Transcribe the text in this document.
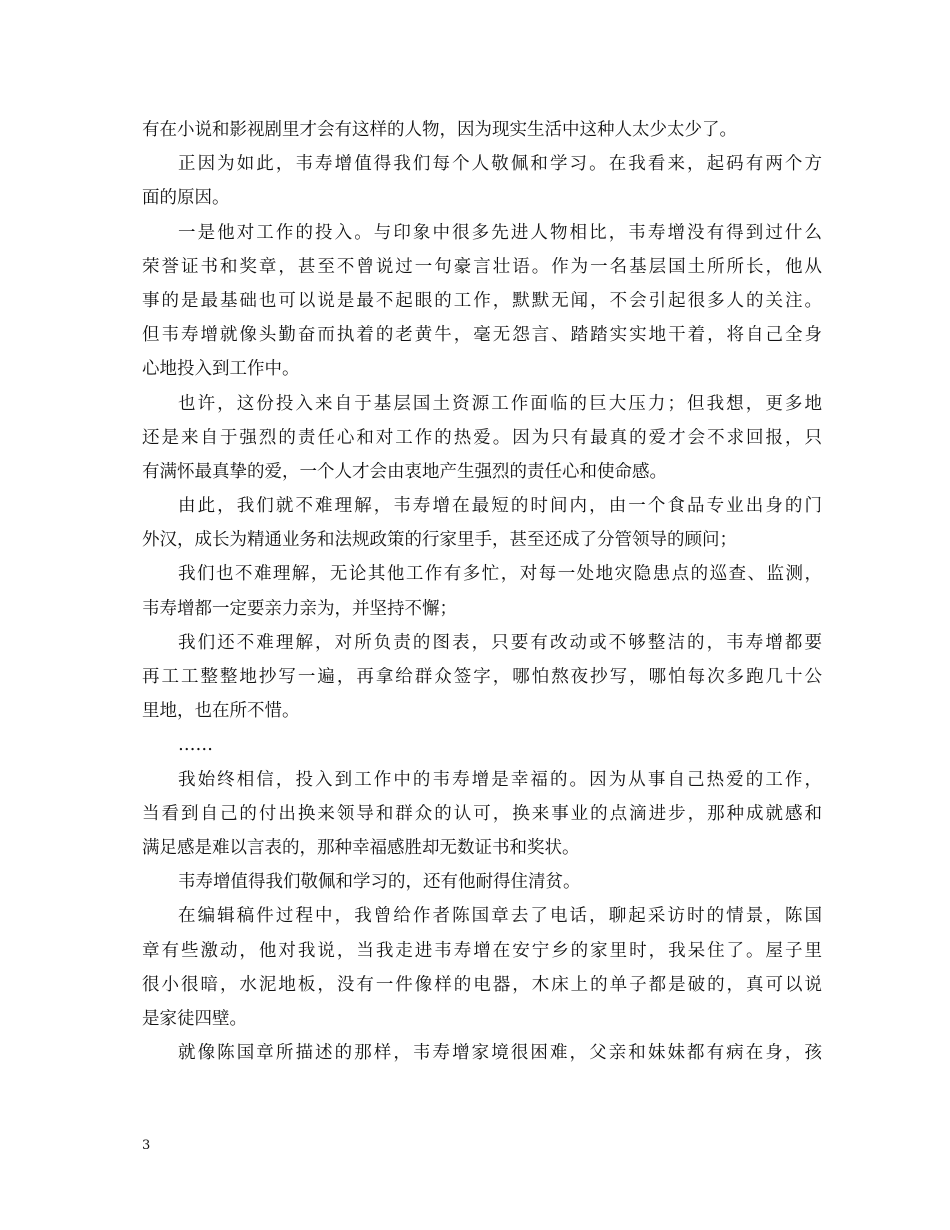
有在小说和影视剧里才会有这样的人物，因为现实生活中这种人太少太少了。
正因为如此，韦寿增值得我们每个人敬佩和学习。在我看来，起码有两个方
面的原因。
一是他对工作的投入。与印象中很多先进人物相比，韦寿增没有得到过什么
荣誉证书和奖章，甚至不曾说过一句豪言壮语。作为一名基层国土所所长，他从
事的是最基础也可以说是最不起眼的工作，默默无闻，不会引起很多人的关注。
但韦寿增就像头勤奋而执着的老黄牛，毫无怨言、踏踏实实地干着，将自己全身
心地投入到工作中。
也许，这份投入来自于基层国土资源工作面临的巨大压力；但我想，更多地
还是来自于强烈的责任心和对工作的热爱。因为只有最真的爱才会不求回报，只
有满怀最真挚的爱，一个人才会由衷地产生强烈的责任心和使命感。
由此，我们就不难理解，韦寿增在最短的时间内，由一个食品专业出身的门
外汉，成长为精通业务和法规政策的行家里手，甚至还成了分管领导的顾问；
我们也不难理解，无论其他工作有多忙，对每一处地灾隐患点的巡查、监测，
韦寿增都一定要亲力亲为，并坚持不懈；
我们还不难理解，对所负责的图表，只要有改动或不够整洁的，韦寿增都要
再工工整整地抄写一遍，再拿给群众签字，哪怕熬夜抄写，哪怕每次多跑几十公
里地，也在所不惜。
……
我始终相信，投入到工作中的韦寿增是幸福的。因为从事自己热爱的工作，
当看到自己的付出换来领导和群众的认可，换来事业的点滴进步，那种成就感和
满足感是难以言表的，那种幸福感胜却无数证书和奖状。
韦寿增值得我们敬佩和学习的，还有他耐得住清贫。
在编辑稿件过程中，我曾给作者陈国章去了电话，聊起采访时的情景，陈国
章有些激动，他对我说，当我走进韦寿增在安宁乡的家里时，我呆住了。屋子里
很小很暗，水泥地板，没有一件像样的电器，木床上的单子都是破的，真可以说
是家徒四壁。
就像陈国章所描述的那样，韦寿增家境很困难，父亲和妹妹都有病在身，孩
3
